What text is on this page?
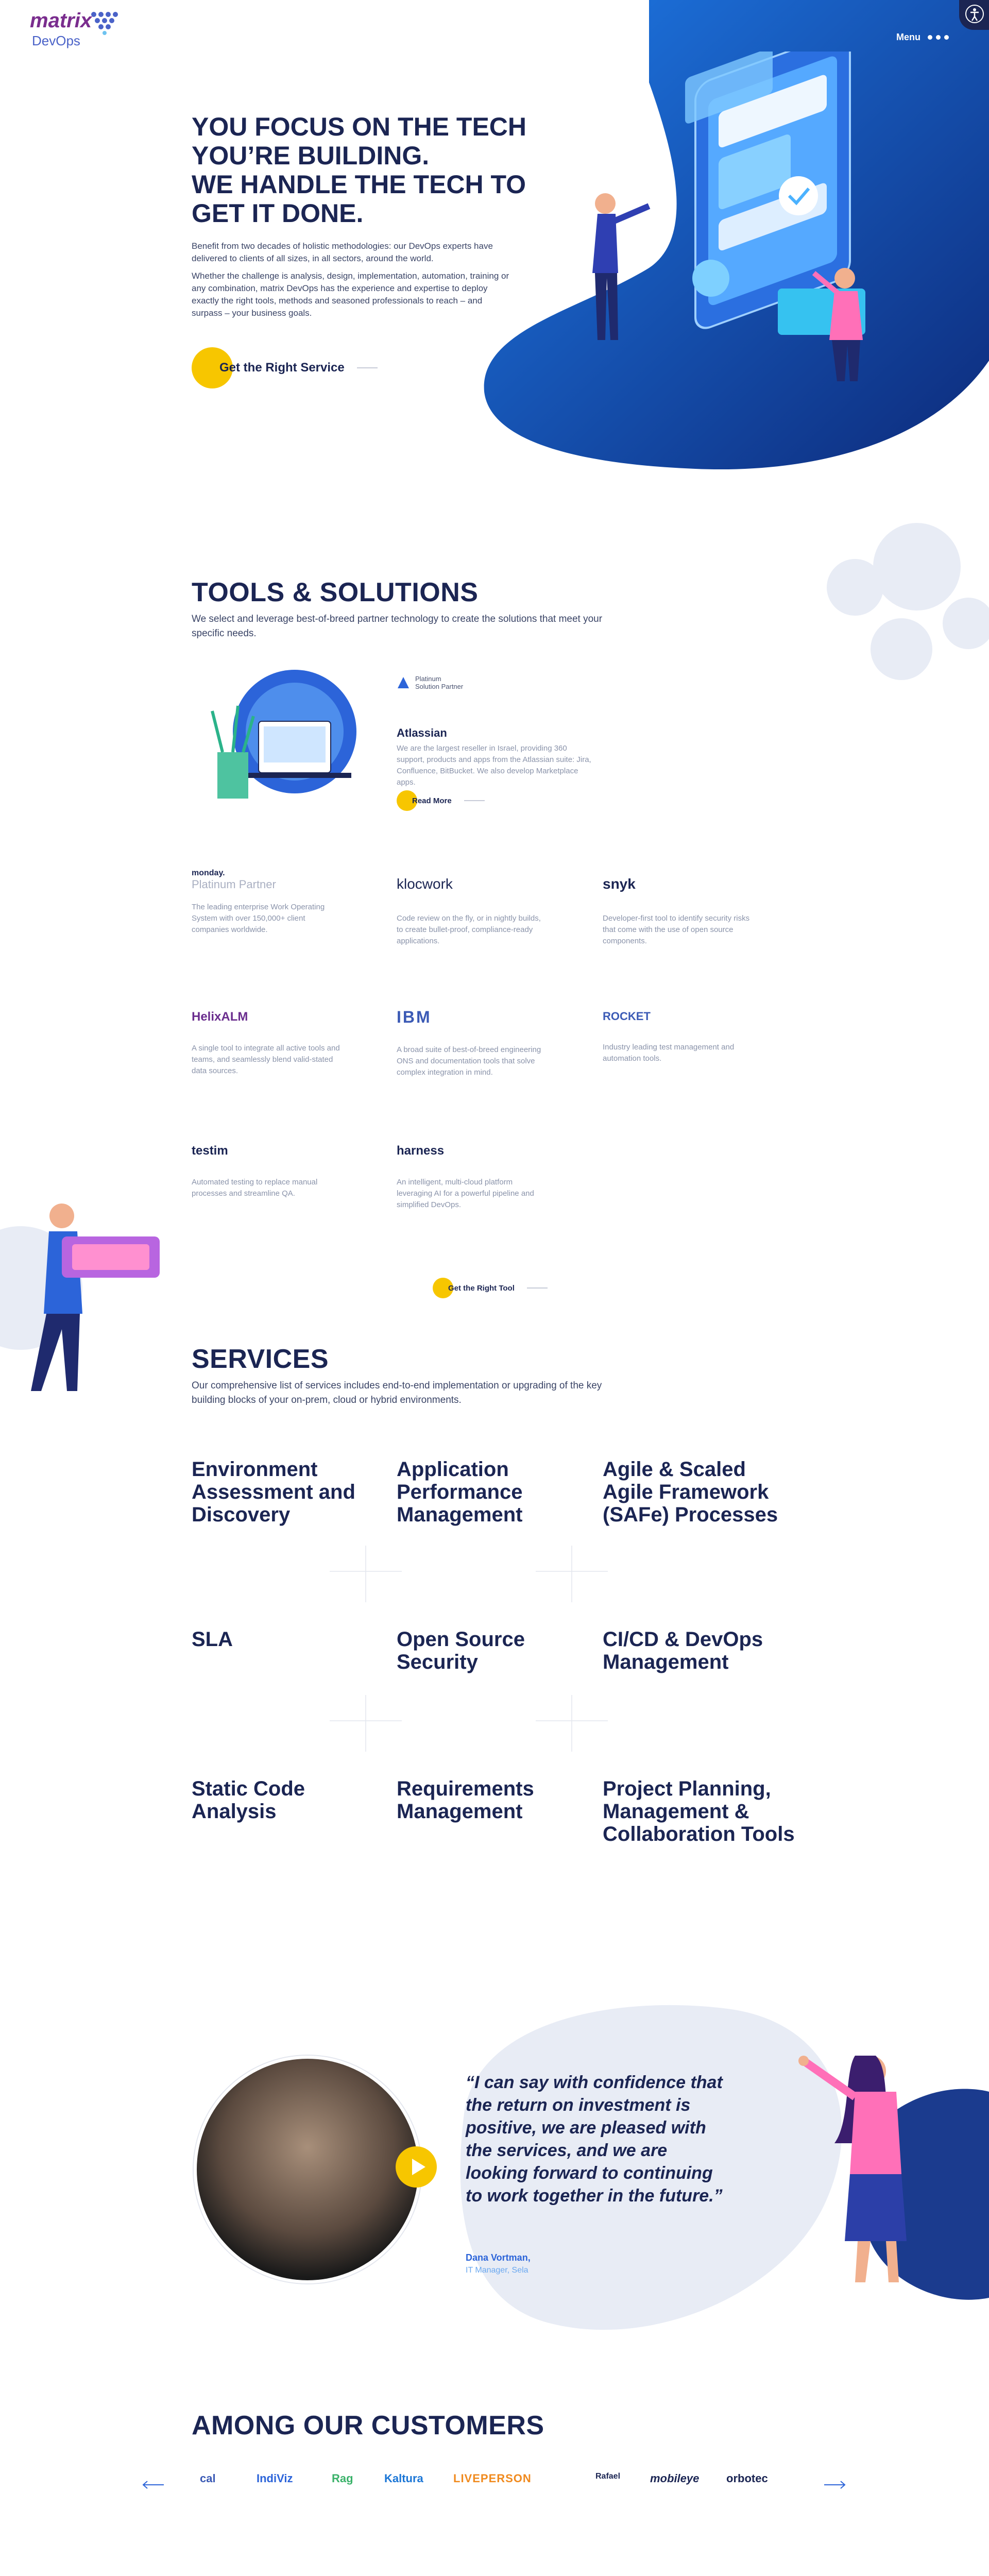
matrix
DevOps	Menu
YOU FOCUS ON THE TECH
YOU’RE BUILDING.
WE HANDLE THE TECH TO
GET IT DONE.
Benefit from two decades of holistic methodologies: our DevOps experts have delivered to clients of all sizes, in all sectors, around the world.
Whether the challenge is analysis, design, implementation, automation, training or any combination, matrix DevOps has the experience and expertise to deploy exactly the right tools, methods and seasoned professionals to reach – and surpass – your business goals.
Get the Right Service
Scroll Down
TOOLS & SOLUTIONS
We select and leverage best-of-breed partner technology to create the solutions that meet your specific needs.
Platinum
Solution Partner
Atlassian
We are the largest reseller in Israel, providing 360 support, products and apps from the Atlassian suite: Jira, Confluence, BitBucket. We also develop Marketplace apps.
Read More
monday.
Platinum Partner
The leading enterprise Work Operating System with over 150,000+ client companies worldwide.
klocwork
Code review on the fly, or in nightly builds, to create bullet-proof, compliance-ready applications.
snyk
Developer-first tool to identify security risks that come with the use of open source components.
HelixALM
A single tool to integrate all active tools and teams, and seamlessly blend valid-stated data sources.
IBM
A broad suite of best-of-breed engineering ONS and documentation tools that solve complex integration in mind.
ROCKET
Industry leading test management and automation tools.
testim
Automated testing to replace manual processes and streamline QA.
harness
An intelligent, multi-cloud platform leveraging AI for a powerful pipeline and simplified DevOps.
Get the Right Tool
SERVICES
Our comprehensive list of services includes end-to-end implementation or upgrading of the key building blocks of your on-prem, cloud or hybrid environments.
Environment Assessment and Discovery
Application Performance Management
Agile & Scaled Agile Framework (SAFe) Processes
SLA	Open Source Security
CI/CD & DevOps Management
Static Code Analysis
Requirements Management
Project Planning, Management & Collaboration Tools
“I can say with confidence that the return on investment is positive, we are pleased with the services, and we are looking forward to continuing to work together in the future.”
Dana Vortman,
IT Manager, Sela
AMONG OUR CUSTOMERS
cal	IndiViz	Rag	Kaltura	LIVEPERSON	Rafael	mobileye orbotec
